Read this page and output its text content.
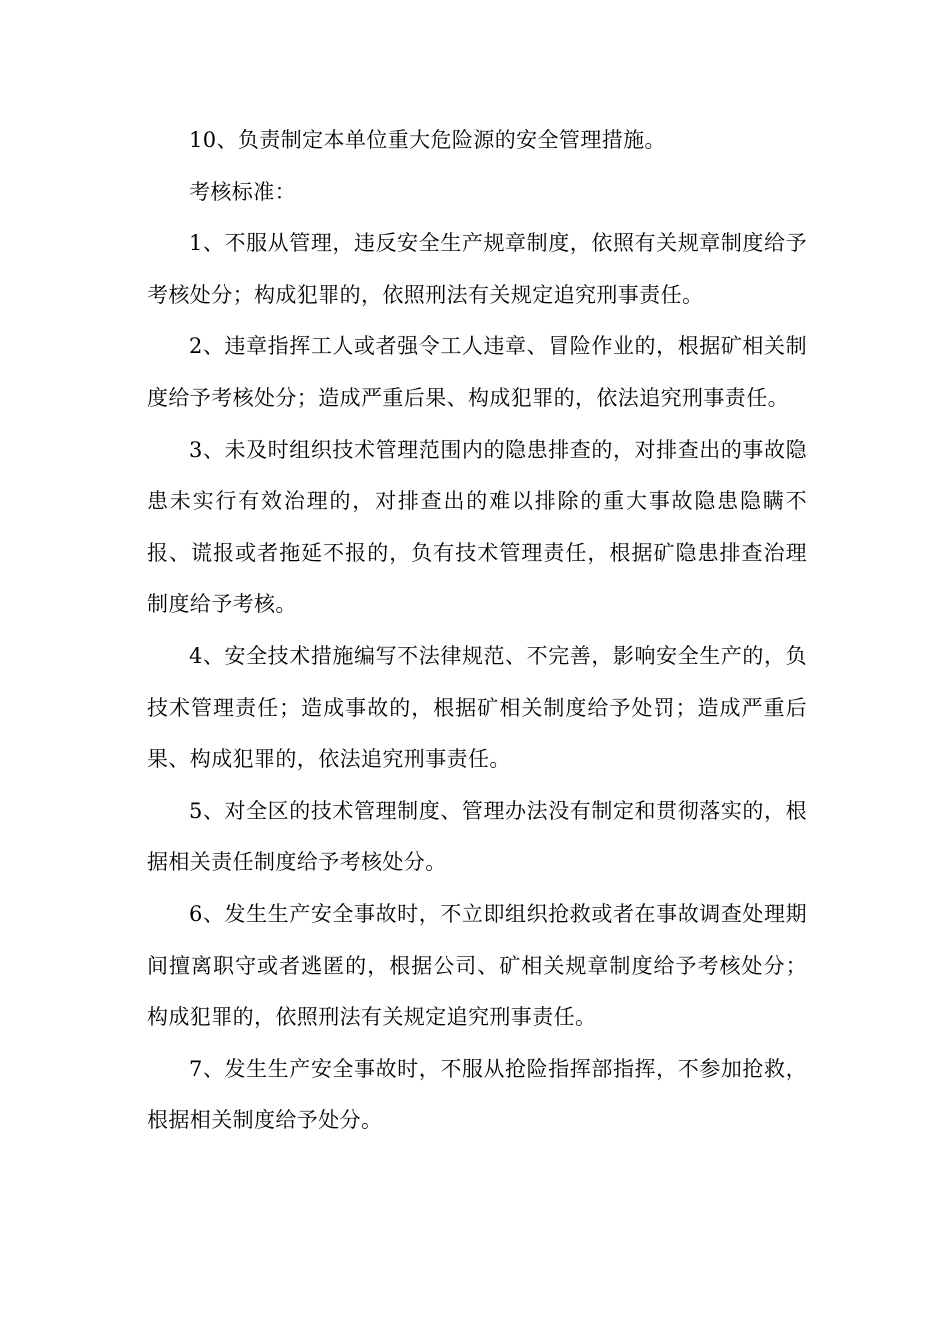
10、负责制定本单位重大危险源的安全管理措施。

考核标准：

1、不服从管理，违反安全生产规章制度，依照有关规章制度给予考核处分；构成犯罪的，依照刑法有关规定追究刑事责任。

2、违章指挥工人或者强令工人违章、冒险作业的，根据矿相关制度给予考核处分；造成严重后果、构成犯罪的，依法追究刑事责任。

3、未及时组织技术管理范围内的隐患排查的，对排查出的事故隐患未实行有效治理的，对排查出的难以排除的重大事故隐患隐瞒不报、谎报或者拖延不报的，负有技术管理责任，根据矿隐患排查治理制度给予考核。

4、安全技术措施编写不法律规范、不完善，影响安全生产的，负技术管理责任；造成事故的，根据矿相关制度给予处罚；造成严重后果、构成犯罪的，依法追究刑事责任。

5、对全区的技术管理制度、管理办法没有制定和贯彻落实的，根据相关责任制度给予考核处分。

6、发生生产安全事故时，不立即组织抢救或者在事故调查处理期间擅离职守或者逃匿的，根据公司、矿相关规章制度给予考核处分；构成犯罪的，依照刑法有关规定追究刑事责任。

7、发生生产安全事故时，不服从抢险指挥部指挥，不参加抢救，根据相关制度给予处分。
